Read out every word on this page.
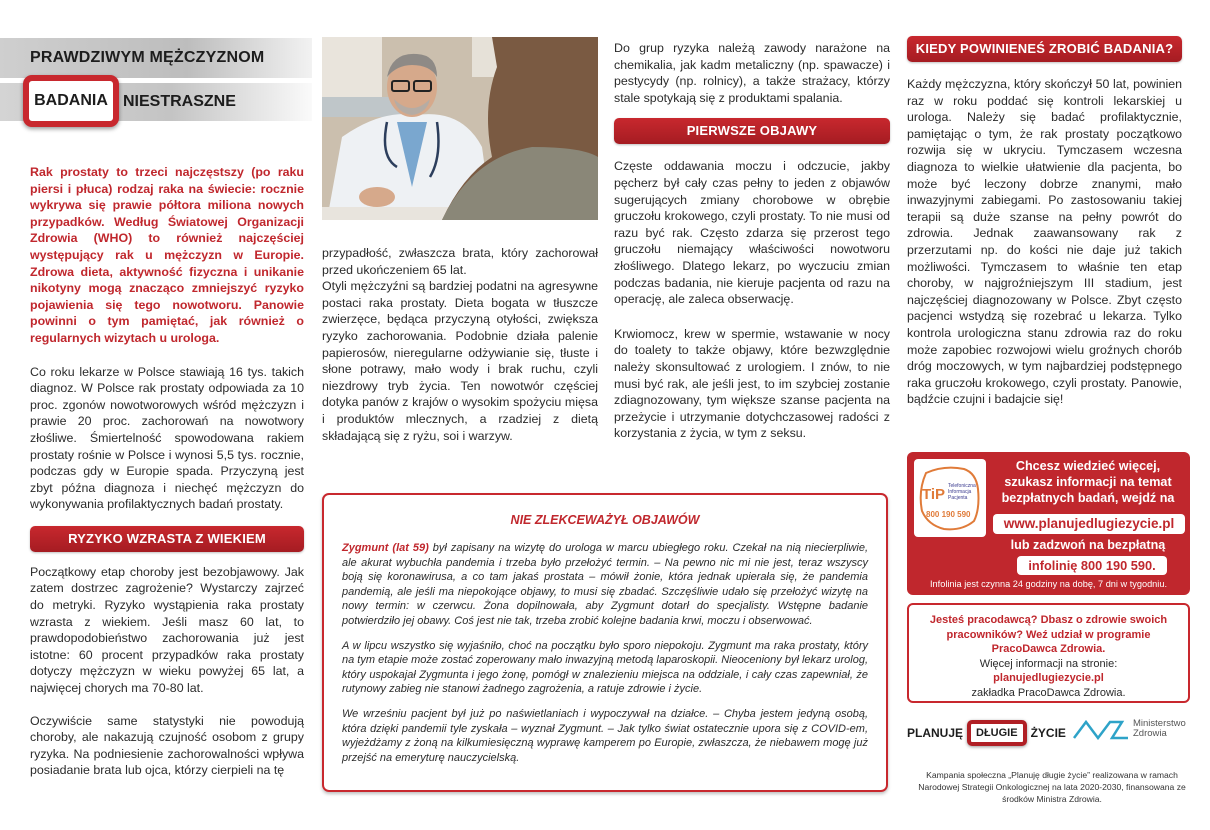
PRAWDZIWYM MĘŻCZYZNOM
BADANIA NIESTRASZNE
Rak prostaty to trzeci najczęstszy (po raku piersi i płuca) rodzaj raka na świecie: rocznie wykrywa się prawie półtora miliona nowych przypadków. Według Światowej Organizacji Zdrowia (WHO) to również najczęściej występujący rak u mężczyzn w Europie. Zdrowa dieta, aktywność fizyczna i unikanie nikotyny mogą znacząco zmniejszyć ryzyko pojawienia się tego nowotworu. Panowie powinni o tym pamiętać, jak również o regularnych wizytach u urologa.
Co roku lekarze w Polsce stawiają 16 tys. takich diagnoz. W Polsce rak prostaty odpowiada za 10 proc. zgonów nowotworowych wśród mężczyzn i prawie 20 proc. zachorowań na nowotwory złośliwe. Śmiertelność spowodowana rakiem prostaty rośnie w Polsce i wynosi 5,5 tys. rocznie, podczas gdy w Europie spada. Przyczyną jest zbyt późna diagnoza i niechęć mężczyzn do wykonywania profilaktycznych badań prostaty.
RYZYKO WZRASTA Z WIEKIEM
Początkowy etap choroby jest bezobjawowy. Jak zatem dostrzec zagrożenie? Wystarczy zajrzeć do metryki. Ryzyko wystąpienia raka prostaty wzrasta z wiekiem. Jeśli masz 60 lat, to prawdopodobieństwo zachorowania już jest istotne: 60 procent przypadków raka prostaty dotyczy mężczyzn w wieku powyżej 65 lat, a najwięcej chorych ma 70-80 lat.
Oczywiście same statystyki nie powodują choroby, ale nakazują czujność osobom z grupy ryzyka. Na podniesienie zachorowalności wpływa posiadanie brata lub ojca, którzy cierpieli na tę
przypadłość, zwłaszcza brata, który zachorował przed ukończeniem 65 lat.
Otyli mężczyźni są bardziej podatni na agresywne postaci raka prostaty. Dieta bogata w tłuszcze zwierzęce, będąca przyczyną otyłości, zwiększa ryzyko zachorowania. Podobnie działa palenie papierosów, nieregularne odżywianie się, tłuste i słone potrawy, mało wody i brak ruchu, czyli niezdrowy tryb życia. Ten nowotwór częściej dotyka panów z krajów o wysokim spożyciu mięsa i produktów mlecznych, a rzadziej z dietą składającą się z ryżu, soi i warzyw.
Do grup ryzyka należą zawody narażone na chemikalia, jak kadm metaliczny (np. spawacze) i pestycydy (np. rolnicy), a także strażacy, którzy stale spotykają się z produktami spalania.
PIERWSZE OBJAWY
Częste oddawania moczu i odczucie, jakby pęcherz był cały czas pełny to jeden z objawów sugerujących zmiany chorobowe w obrębie gruczołu krokowego, czyli prostaty. To nie musi od razu być rak. Często zdarza się przerost tego gruczołu niemający właściwości nowotworu złośliwego. Dlatego lekarz, po wyczuciu zmian podczas badania, nie kieruje pacjenta od razu na operację, ale zaleca obserwację.
Krwiomocz, krew w spermie, wstawanie w nocy do toalety to także objawy, które bezwzględnie należy skonsultować z urologiem. I znów, to nie musi być rak, ale jeśli jest, to im szybciej zostanie zdiagnozowany, tym większe szanse pacjenta na przeżycie i utrzymanie dotychczasowej radości z korzystania z życia, w tym z seksu.
NIE ZLEKCEWAŻYŁ OBJAWÓW

Zygmunt (lat 59) był zapisany na wizytę do urologa w marcu ubiegłego roku. Czekał na nią niecierpliwie, ale akurat wybuchła pandemia i trzeba było przełożyć termin. – Na pewno nic mi nie jest, teraz wszyscy boją się koronawirusa, a co tam jakaś prostata – mówił żonie, która jednak upierała się, że pandemia pandemią, ale jeśli ma niepokojące objawy, to musi się zbadać. Szczęśliwie udało się przełożyć wizytę na nowy termin: w czerwcu. Żona dopilnowała, aby Zygmunt dotarł do specjalisty. Wstępne badanie potwierdziło jej obawy. Coś jest nie tak, trzeba zrobić kolejne badania krwi, moczu i obserwować.

A w lipcu wszystko się wyjaśniło, choć na początku było sporo niepokoju. Zygmunt ma raka prostaty, który na tym etapie może zostać zoperowany mało inwazyjną metodą laparoskopii. Nieoceniony był lekarz urolog, który uspokajał Zygmunta i jego żonę, pomógł w znalezieniu miejsca na oddziale, i cały czas zapewniał, że rutynowy zabieg nie stanowi żadnego zagrożenia, a ratuje zdrowie i życie.

We wrześniu pacjent był już po naświetlaniach i wypoczywał na działce. – Chyba jestem jedyną osobą, która dzięki pandemii tyle zyskała – wyznał Zygmunt. – Jak tylko świat ostatecznie upora się z COVID-em, wyjeżdżamy z żoną na kilkumiesięczną wyprawę kamperem po Europie, zwłaszcza, że niebawem mogę już przejść na emeryturę nauczycielską.

KIEDY POWINIENEŚ ZROBIĆ BADANIA?
Każdy mężczyzna, który skończył 50 lat, powinien raz w roku poddać się kontroli lekarskiej u urologa. Należy się badać profilaktycznie, pamiętając o tym, że rak prostaty początkowo rozwija się w ukryciu. Tymczasem wczesna diagnoza to wielkie ułatwienie dla pacjenta, bo może być leczony dobrze znanymi, mało inwazyjnymi zabiegami. Po zastosowaniu takiej terapii są duże szanse na pełny powrót do zdrowia. Jednak zaawansowany rak z przerzutami np. do kości nie daje już takich możliwości. Tymczasem to właśnie ten etap choroby, w najgroźniejszym III stadium, jest najczęściej diagnozowany w Polsce. Zbyt często pacjenci wstydzą się rozebrać u lekarza. Tylko kontrola urologiczna stanu zdrowia raz do roku może zapobiec rozwojowi wielu groźnych chorób dróg moczowych, w tym najbardziej podstępnego raka gruczołu krokowego, czyli prostaty. Panowie, bądźcie czujni i badajcie się!
TiP Telefoniczna
Informacja
Pacjenta
800 190 590
Chcesz wiedzieć więcej, szukasz informacji na temat bezpłatnych badań, wejdź na
www.planujedlugiezycie.pl
lub zadzwoń na bezpłatną
infolinię 800 190 590.
Infolinia jest czynna 24 godziny na dobę, 7 dni w tygodniu.
Jesteś pracodawcą? Dbasz o zdrowie swoich pracowników? Weź udział w programie PracoDawca Zdrowia.
Więcej informacji na stronie:
planujedlugiezycie.pl
zakładka PracoDawca Zdrowia.
PLANUJĘ	DŁUGIE	ŻYCIE
Ministerstwo
Zdrowia
Kampania społeczna „Planuję długie życie” realizowana w ramach Narodowej Strategii Onkologicznej na lata 2020-2030, finansowana ze środków Ministra Zdrowia.
